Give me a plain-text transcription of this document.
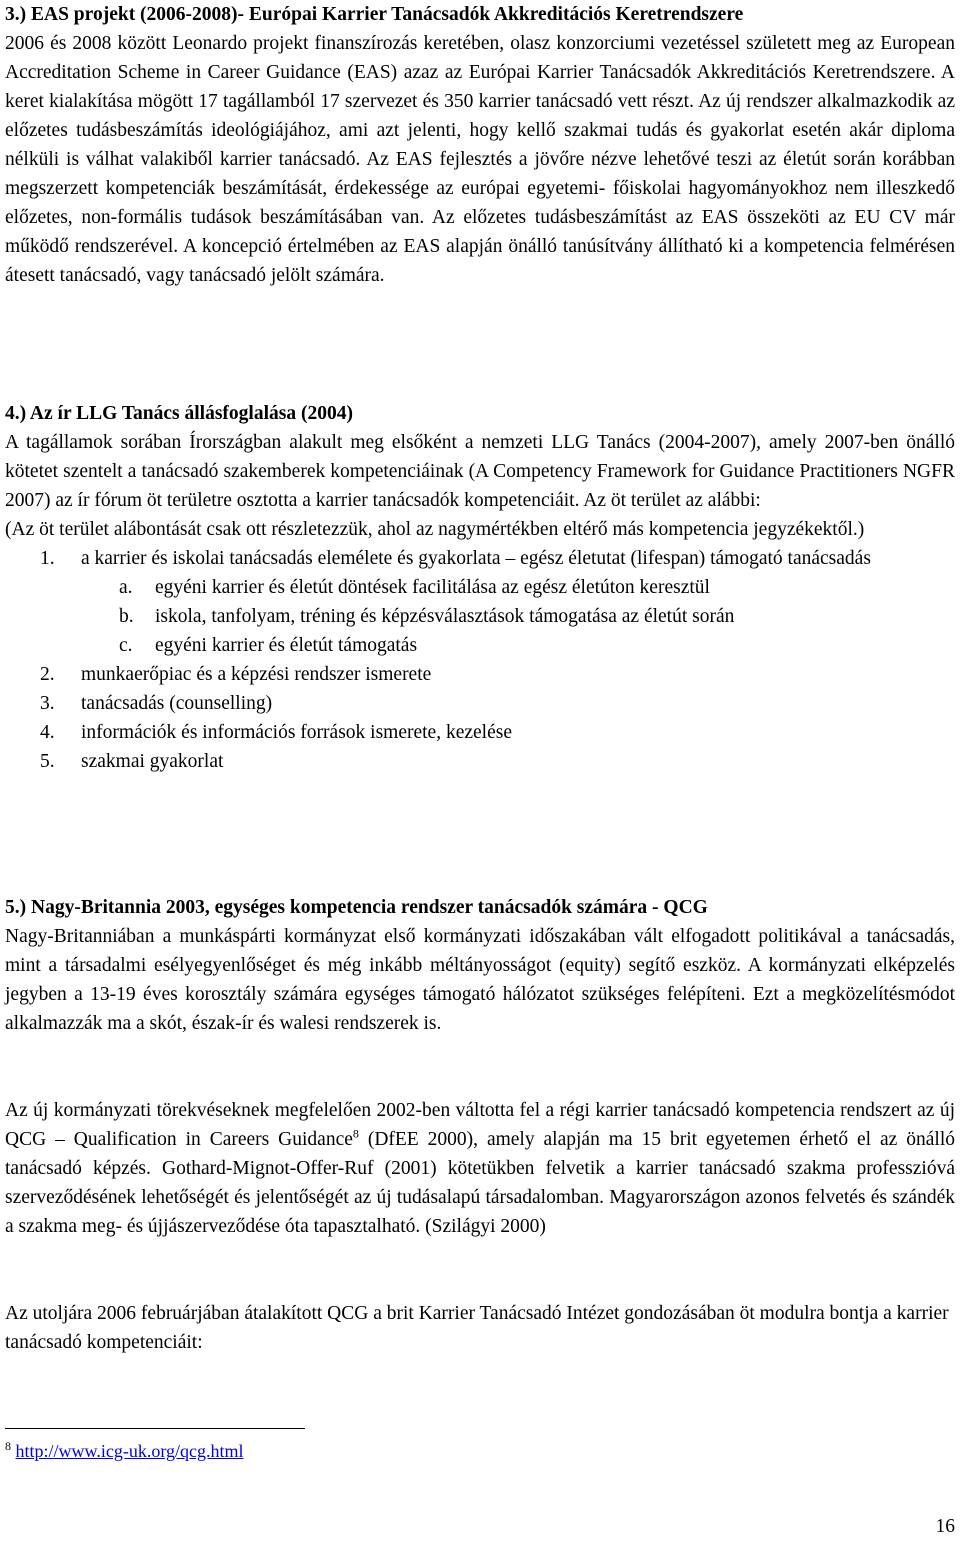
3.) EAS projekt (2006-2008)- Európai Karrier Tanácsadók Akkreditációs Keretrendszere

2006 és 2008 között Leonardo projekt finanszírozás keretében, olasz konzorciumi vezetéssel született meg az European Accreditation Scheme in Career Guidance (EAS) azaz az Európai Karrier Tanácsadók Akkreditációs Keretrendszere. A keret kialakítása mögött 17 tagállamból 17 szervezet és 350 karrier tanácsadó vett részt. Az új rendszer alkalmazkodik az előzetes tudásbeszámítás ideológiájához, ami azt jelenti, hogy kellő szakmai tudás és gyakorlat esetén akár diploma nélküli is válhat valakiből karrier tanácsadó. Az EAS fejlesztés a jövőre nézve lehetővé teszi az életút során korábban megszerzett kompetenciák beszámítását, érdekessége az európai egyetemi- főiskolai hagyományokhoz nem illeszkedő előzetes, non-formális tudások beszámításában van. Az előzetes tudásbeszámítást az EAS összeköti az EU CV már működő rendszerével. A koncepció értelmében az EAS alapján önálló tanúsítvány állítható ki a kompetencia felmérésen átesett tanácsadó, vagy tanácsadó jelölt számára.

4.) Az ír LLG Tanács állásfoglalása (2004)

A tagállamok sorában Írországban alakult meg elsőként a nemzeti LLG Tanács (2004-2007), amely 2007-ben önálló kötetet szentelt a tanácsadó szakemberek kompetenciáinak (A Competency Framework for Guidance Practitioners NGFR 2007) az ír fórum öt területre osztotta a karrier tanácsadók kompetenciáit. Az öt terület az alábbi:

(Az öt terület alábontását csak ott részletezzük, ahol az nagymértékben eltérő más kompetencia jegyzékektől.)

1. a karrier és iskolai tanácsadás elemélete és gyakorlata – egész életutat (lifespan) támogató tanácsadás
a. egyéni karrier és életút döntések facilitálása az egész életúton keresztül
b. iskola, tanfolyam, tréning és képzésválasztások támogatása az életút során
c. egyéni karrier és életút támogatás
2. munkaerőpiac és a képzési rendszer ismerete
3. tanácsadás (counselling)
4. információk és információs források ismerete, kezelése
5. szakmai gyakorlat
5.) Nagy-Britannia 2003, egységes kompetencia rendszer tanácsadók számára - QCG

Nagy-Britanniában a munkáspárti kormányzat első kormányzati időszakában vált elfogadott politikával a tanácsadás, mint a társadalmi esélyegyenlőséget és még inkább méltányosságot (equity) segítő eszköz. A kormányzati elképzelés jegyben a 13-19 éves korosztály számára egységes támogató hálózatot szükséges felépíteni. Ezt a megközelítésmódot alkalmazzák ma a skót, észak-ír és walesi rendszerek is.

Az új kormányzati törekvéseknek megfelelően 2002-ben váltotta fel a régi karrier tanácsadó kompetencia rendszert az új QCG – Qualification in Careers Guidance$^8$ (DfEE 2000), amely alapján ma 15 brit egyetemen érhető el az önálló tanácsadó képzés. Gothard-Mignot-Offer-Ruf (2001) kötetükben felvetik a karrier tanácsadó szakma professzióvá szerveződésének lehetőségét és jelentőségét az új tudásalapú társadalomban. Magyarországon azonos felvetés és szándék a szakma meg- és újjászerveződése óta tapasztalható. (Szilágyi 2000)

Az utoljára 2006 februárjában átalakított QCG a brit Karrier Tanácsadó Intézet gondozásában öt modulra bontja a karrier tanácsadó kompetenciáit:

$^8$ http://www.icg-uk.org/qcg.html
16
